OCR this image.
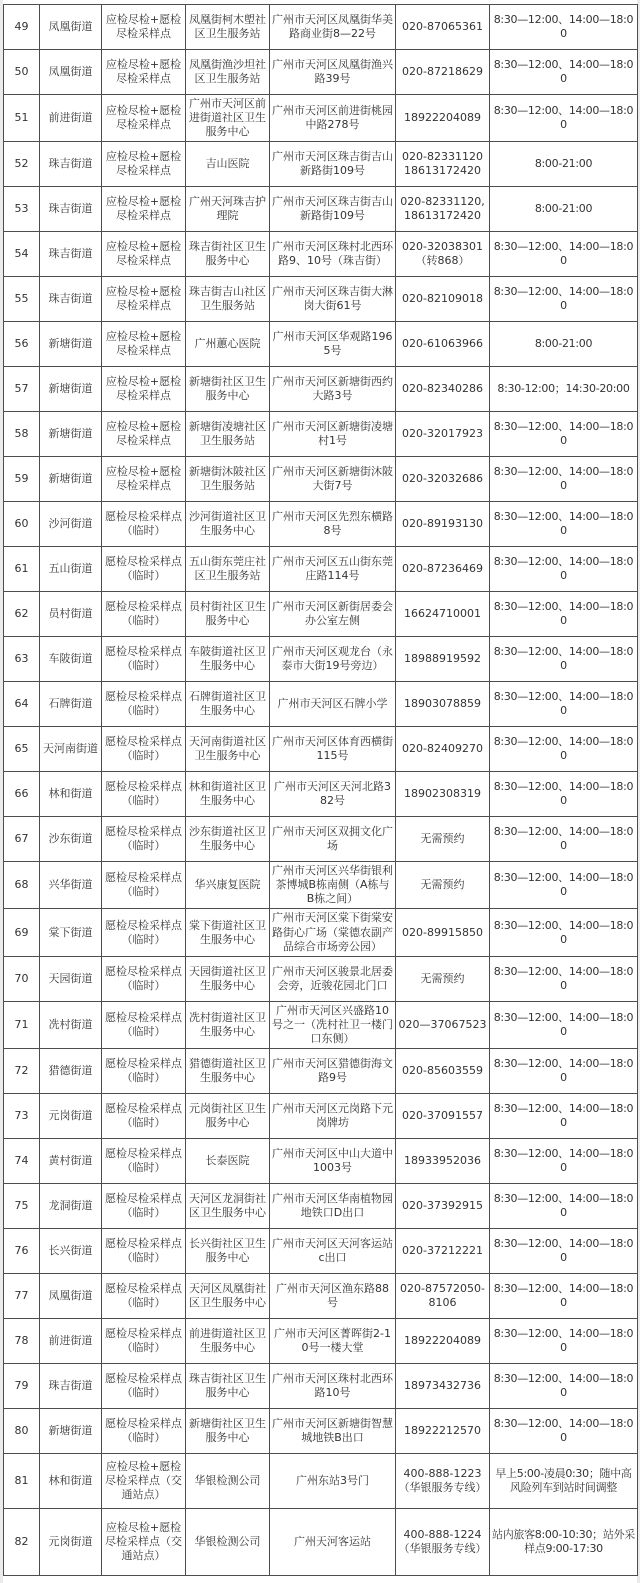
49	凤凰街道	应检尽检+愿检尽检采样点	凤凰街柯木塱社区卫生服务站	广州市天河区凤凰街华美路商业街8—22号	020-87065361	8:30—12:00、14:00—18:00
50	凤凰街道	应检尽检+愿检尽检采样点	凤凰街渔沙坦社区卫生服务站	广州市天河区凤凰街渔兴路39号	020-87218629	8:30—12:00、14:00—18:00
51	前进街道	应检尽检+愿检尽检采样点	广州市天河区前进街道社区卫生服务中心	广州市天河区前进街桃园中路278号	18922204089	8:30—12:00、14:00—18:00
52	珠吉街道	应检尽检+愿检尽检采样点	吉山医院	广州市天河区珠吉街吉山新路街109号	020-82331120 18613172420	8:00-21:00
53	珠吉街道	应检尽检+愿检尽检采样点	广州天河珠吉护理院	广州市天河区珠吉街吉山新路街109号	020-82331120,18613172420	8:00-21:00
54	珠吉街道	应检尽检+愿检尽检采样点	珠吉街社区卫生服务中心	广州市天河区珠村北西环路9、10号（珠吉街）	020-32038301（转868）	8:30—12:00、14:00—18:00
55	珠吉街道	应检尽检+愿检尽检采样点	珠吉街吉山社区卫生服务站	广州市天河区珠吉街大淋岗大街61号	020-82109018	8:30—12:00、14:00—18:00
56	新塘街道	应检尽检+愿检尽检采样点	广州蕙心医院	广州市天河区华观路1965号	020-61063966	8:00-21:00
57	新塘街道	应检尽检+愿检尽检采样点	新塘街社区卫生服务中心	广州市天河区新塘街西约大路3号	020-82340286	8:30-12:00；14:30-20:00
58	新塘街道	应检尽检+愿检尽检采样点	新塘街凌塘社区卫生服务站	广州市天河区新塘街凌塘村1号	020-32017923	8:30—12:00、14:00—18:00
59	新塘街道	应检尽检+愿检尽检采样点	新塘街沐陂社区卫生服务站	广州市天河区新塘街沐陂大街7号	020-32032686	8:30—12:00、14:00—18:00
60	沙河街道	愿检尽检采样点（临时）	沙河街道社区卫生服务中心	广州市天河区先烈东横路8号	020-89193130	8:30—12:00、14:00—18:00
61	五山街道	愿检尽检采样点（临时）	五山街东莞庄社区卫生服务站	广州市天河区五山街东莞庄路114号	020-87236469	8:30—12:00、14:00—18:00
62	员村街道	愿检尽检采样点（临时）	员村街社区卫生服务中心	广州市天河区新街居委会办公室左侧	16624710001	8:30—12:00、14:00—18:00
63	车陂街道	愿检尽检采样点（临时）	车陂街道社区卫生服务中心	广州市天河区观龙台（永泰市大街19号旁边）	18988919592	8:30—12:00、14:00—18:00
64	石牌街道	愿检尽检采样点（临时）	石牌街道社区卫生服务中心	广州市天河区石牌小学	18903078859	8:30—12:00、14:00—18:00
65	天河南街道	愿检尽检采样点（临时）	天河南街道社区卫生服务中心	广州市天河区体育西横街115号	020-82409270	8:30—12:00、14:00—18:00
66	林和街道	愿检尽检采样点（临时）	林和街道社区卫生服务中心	广州市天河区天河北路382号	18902308319	8:30—12:00、14:00—18:00
67	沙东街道	愿检尽检采样点（临时）	沙东街道社区卫生服务中心	广州市天河区双拥文化广场	无需预约	8:30—12:00、14:00—18:00
68	兴华街道	愿检尽检采样点（临时）	华兴康复医院	广州市天河区兴华街银利茶博城B栋南侧（A栋与B栋之间）	无需预约	8:30—12:00、14:00—18:00
69	棠下街道	愿检尽检采样点（临时）	棠下街道社区卫生服务中心	广州市天河区棠下街棠安路街心广场（棠德农副产品综合市场旁公园）	020-89915850	8:30—12:00、14:00—18:00
70	天园街道	愿检尽检采样点（临时）	天园街道社区卫生服务中心	广州市天河区骏景北居委会旁，近骏花园北门口	无需预约	8:30—12:00、14:00—18:00
71	冼村街道	愿检尽检采样点（临时）	冼村街道社区卫生服务中心	广州市天河区兴盛路10号之一（冼村社卫一楼门口东侧）	020—37067523	8:30—12:00、14:00—18:00
72	猎德街道	愿检尽检采样点（临时）	猎德街道社区卫生服务中心	广州市天河区猎德街海文路9号	020-85603559	8:30—12:00、14:00—18:00
73	元岗街道	愿检尽检采样点（临时）	元岗街社区卫生服务中心	广州市天河区元岗路下元岗牌坊	020-37091557	8:30—12:00、14:00—18:00
74	黄村街道	愿检尽检采样点（临时）	长泰医院	广州市天河区中山大道中1003号	18933952036	8:30—12:00、14:00—18:00
75	龙洞街道	愿检尽检采样点（临时）	天河区龙洞街社区卫生服务中心	广州市天河区华南植物园地铁口D出口	020-37392915	8:30—12:00、14:00—18:00
76	长兴街道	愿检尽检采样点（临时）	长兴街社区卫生服务中心	广州市天河区天河客运站c出口	020-37212221	8:30—12:00、14:00—18:00
77	凤凰街道	愿检尽检采样点（临时）	天河区凤凰街社区卫生服务中心	广州市天河区渔东路88号	020-87572050-8106	8:30—12:00、14:00—18:00
78	前进街道	愿检尽检采样点（临时）	前进街道社区卫生服务中心	广州市天河区菁晖街2-10号一楼大堂	18922204089	8:30—12:00、14:00—18:00
79	珠吉街道	愿检尽检采样点（临时）	珠吉街社区卫生服务中心	广州市天河区珠村北西环路10号	18973432736	8:30—12:00、14:00—18:00
80	新塘街道	愿检尽检采样点（临时）	新塘街社区卫生服务中心	广州市天河区新塘街智慧城地铁B出口	18922212570	8:30—12:00、14:00—18:00
81	林和街道	应检尽检+愿检尽检采样点（交通站点）	华银检测公司	广州东站3号门	400-888-1223（华银服务专线）	早上5:00-凌晨0:30；随中高风险列车到站时间调整
82	元岗街道	应检尽检+愿检尽检采样点（交通站点）	华银检测公司	广州天河客运站	400-888-1224（华银服务专线）	站内旅客8:00-10:30；站外采样点9:00-17:30
